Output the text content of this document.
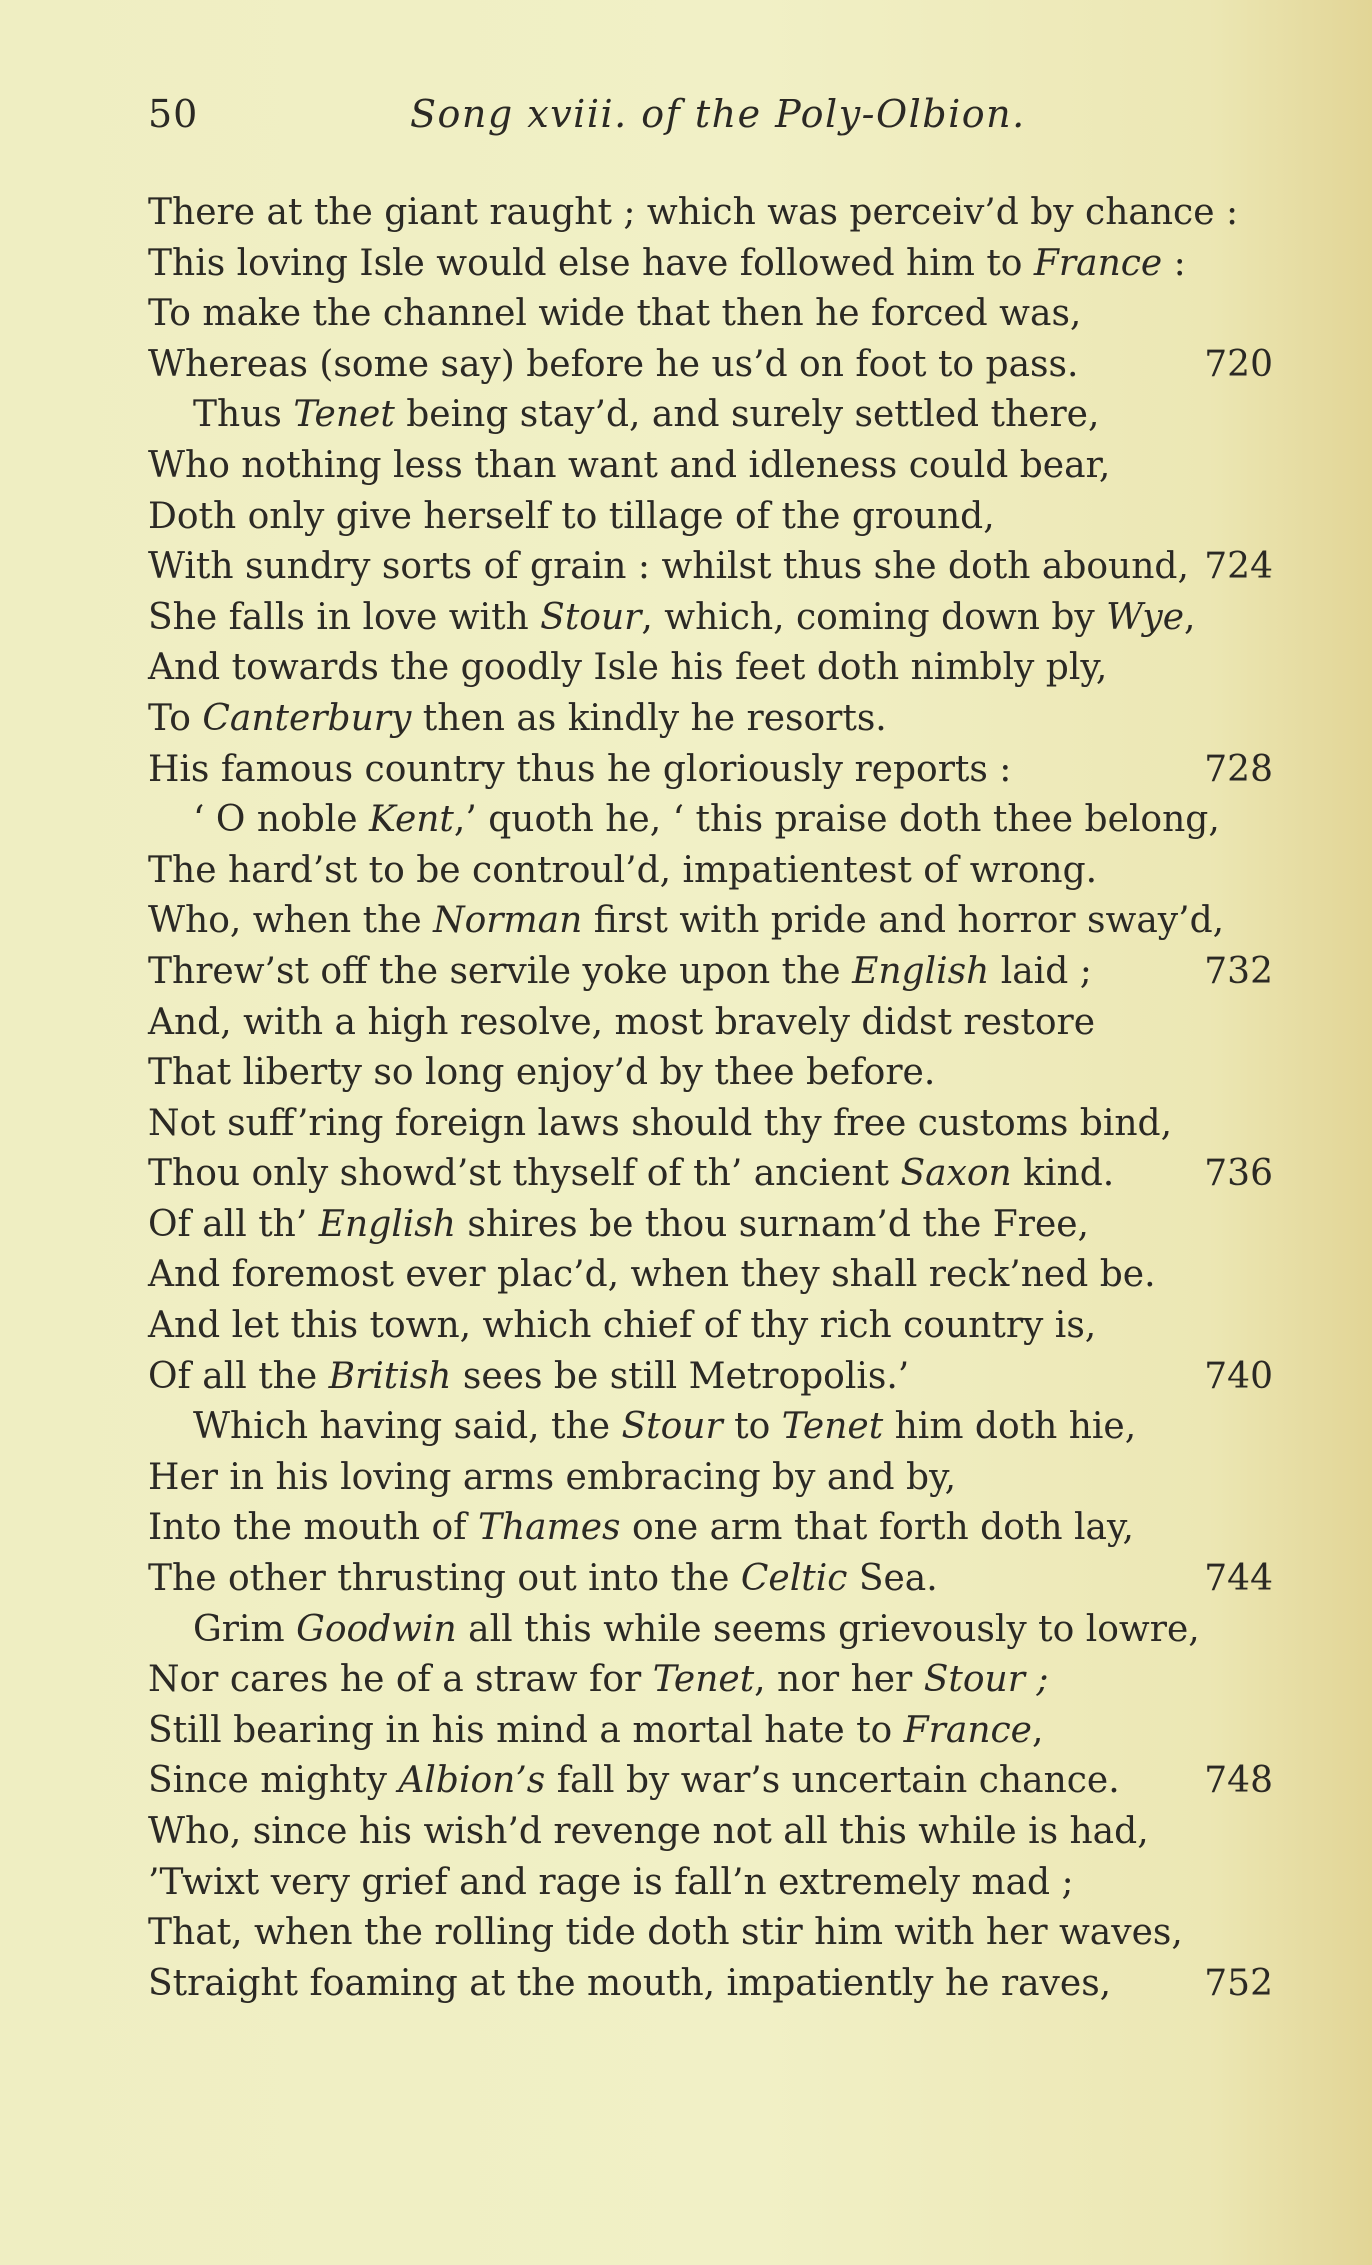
50	Song xviii. of the Poly-Olbion.
There at the giant raught ; which was perceiv’d by chance :
This loving Isle would else have followed him to France :
To make the channel wide that then he forced was,
Whereas (some say) before he us’d on foot to pass.	720
Thus Tenet being stay’d, and surely settled there,
Who nothing less than want and idleness could bear,
Doth only give herself to tillage of the ground,
With sundry sorts of grain : whilst thus she doth abound, 724
She falls in love with Stour, which, coming down by Wye,
And towards the goodly Isle his feet doth nimbly ply,
To Canterbury then as kindly he resorts.
His famous country thus he gloriously reports :	728
‘ O noble Kent,’ quoth he, ‘ this praise doth thee belong,
The hard’st to be controul’d, impatientest of wrong.
Who, when the Norman first with pride and horror sway’d,
Threw’st off the servile yoke upon the English laid ;	732
And, with a high resolve, most bravely didst restore
That liberty so long enjoy’d by thee before.
Not suff’ring foreign laws should thy free customs bind,
Thou only showd’st thyself of th’ ancient Saxon kind.	736
Of all th’ English shires be thou surnam’d the Free,
And foremost ever plac’d, when they shall reck’ned be.
And let this town, which chief of thy rich country is,
Of all the British sees be still Metropolis.’	740
Which having said, the Stour to Tenet him doth hie,
Her in his loving arms embracing by and by,
Into the mouth of Thames one arm that forth doth lay,
The other thrusting out into the Celtic Sea.	744
Grim Goodwin all this while seems grievously to lowre,
Nor cares he of a straw for Tenet, nor her Stour ;
Still bearing in his mind a mortal hate to France,
Since mighty Albion’s fall by war’s uncertain chance. 748
Who, since his wish’d revenge not all this while is had,
’Twixt very grief and rage is fall’n extremely mad ;
That, when the rolling tide doth stir him with her waves,
Straight foaming at the mouth, impatiently he raves,	752
